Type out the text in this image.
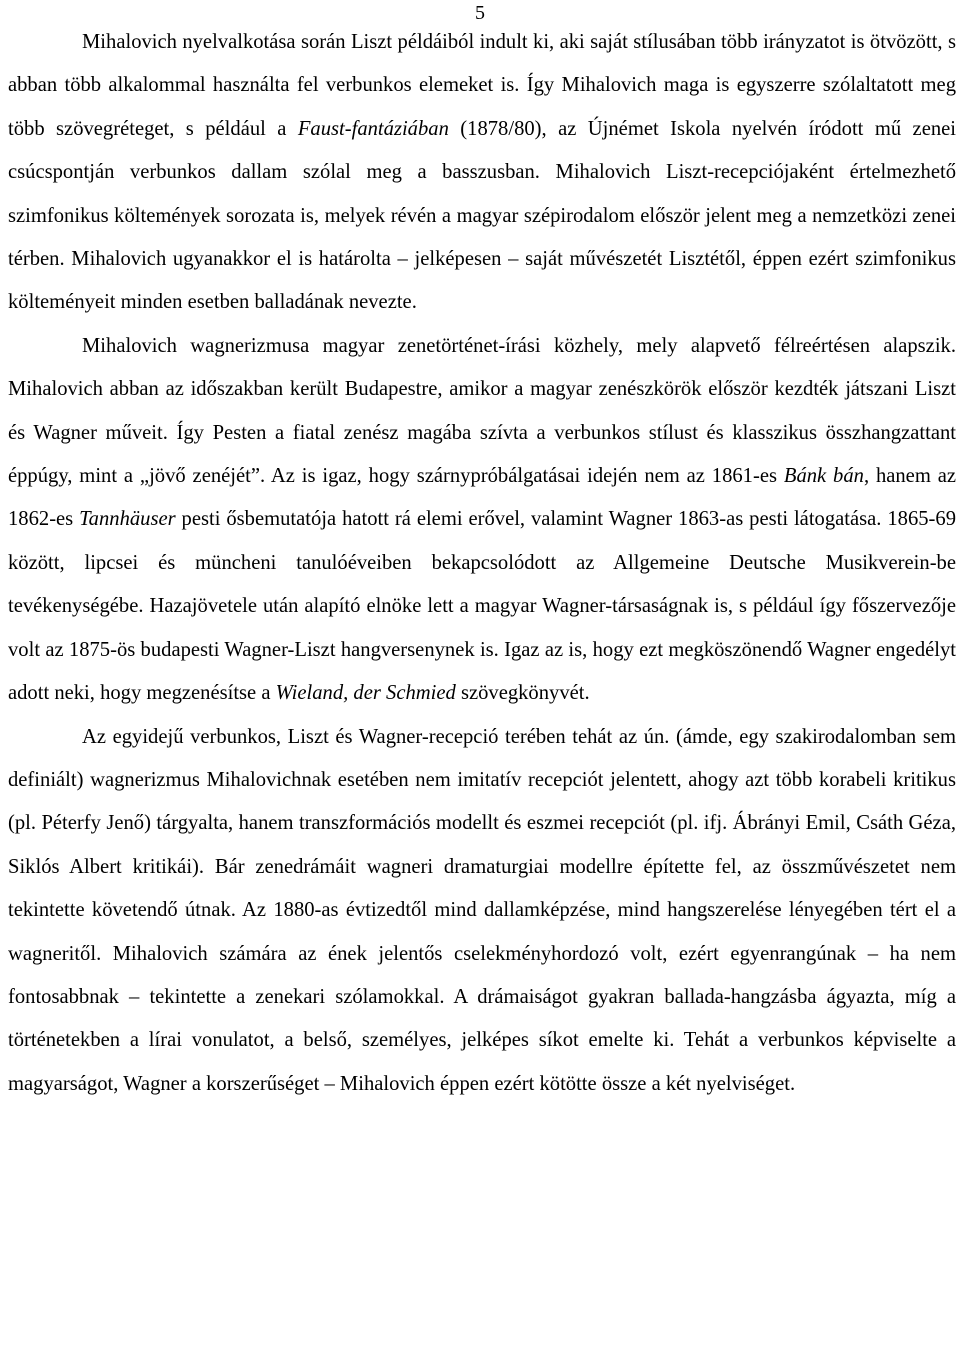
5

Mihalovich nyelvalkotása során Liszt példáiból indult ki, aki saját stílusában több irányzatot is ötvözött, s abban több alkalommal használta fel verbunkos elemeket is. Így Mihalovich maga is egyszerre szólaltatott meg több szövegréteget, s például a Faust-fantáziában (1878/80), az Újnémet Iskola nyelvén íródott mű zenei csúcspontján verbunkos dallam szólal meg a basszusban. Mihalovich Liszt-recepciójaként értelmezhető szimfonikus költemények sorozata is, melyek révén a magyar szépirodalom először jelent meg a nemzetközi zenei térben. Mihalovich ugyanakkor el is határolta – jelképesen – saját művészetét Lisztétől, éppen ezért szimfonikus költeményeit minden esetben balladának nevezte.

Mihalovich wagnerizmusa magyar zenetörténet-írási közhely, mely alapvető félreértésen alapszik. Mihalovich abban az időszakban került Budapestre, amikor a magyar zenészkörök először kezdték játszani Liszt és Wagner műveit. Így Pesten a fiatal zenész magába szívta a verbunkos stílust és klasszikus összhangzattant éppúgy, mint a „jövő zenéjét”. Az is igaz, hogy szárnypróbálgatásai idején nem az 1861-es Bánk bán, hanem az 1862-es Tannhäuser pesti ősbemutatója hatott rá elemi erővel, valamint Wagner 1863-as pesti látogatása. 1865-69 között, lipcsei és müncheni tanulóéveiben bekapcsolódott az Allgemeine Deutsche Musikverein-be tevékenységébe. Hazajövetele után alapító elnöke lett a magyar Wagner-társaságnak is, s például így főszervezője volt az 1875-ös budapesti Wagner-Liszt hangversenynek is. Igaz az is, hogy ezt megköszönendő Wagner engedélyt adott neki, hogy megzenésítse a Wieland, der Schmied szövegkönyvét.

Az egyidejű verbunkos, Liszt és Wagner-recepció terében tehát az ún. (ámde, egy szakirodalomban sem definiált) wagnerizmus Mihalovichnak esetében nem imitatív recepciót jelentett, ahogy azt több korabeli kritikus (pl. Péterfy Jenő) tárgyalta, hanem transzformációs modellt és eszmei recepciót (pl. ifj. Ábrányi Emil, Csáth Géza, Siklós Albert kritikái). Bár zenedrámáit wagneri dramaturgiai modellre építette fel, az összművészetet nem tekintette követendő útnak. Az 1880-as évtizedtől mind dallamképzése, mind hangszerelése lényegében tért el a wagneritől. Mihalovich számára az ének jelentős cselekményhordozó volt, ezért egyenrangúnak – ha nem fontosabbnak – tekintette a zenekari szólamokkal. A drámaiságot gyakran ballada-hangzásba ágyazta, míg a történetekben a lírai vonulatot, a belső, személyes, jelképes síkot emelte ki. Tehát a verbunkos képviselte a magyarságot, Wagner a korszerűséget – Mihalovich éppen ezért kötötte össze a két nyelviséget.
